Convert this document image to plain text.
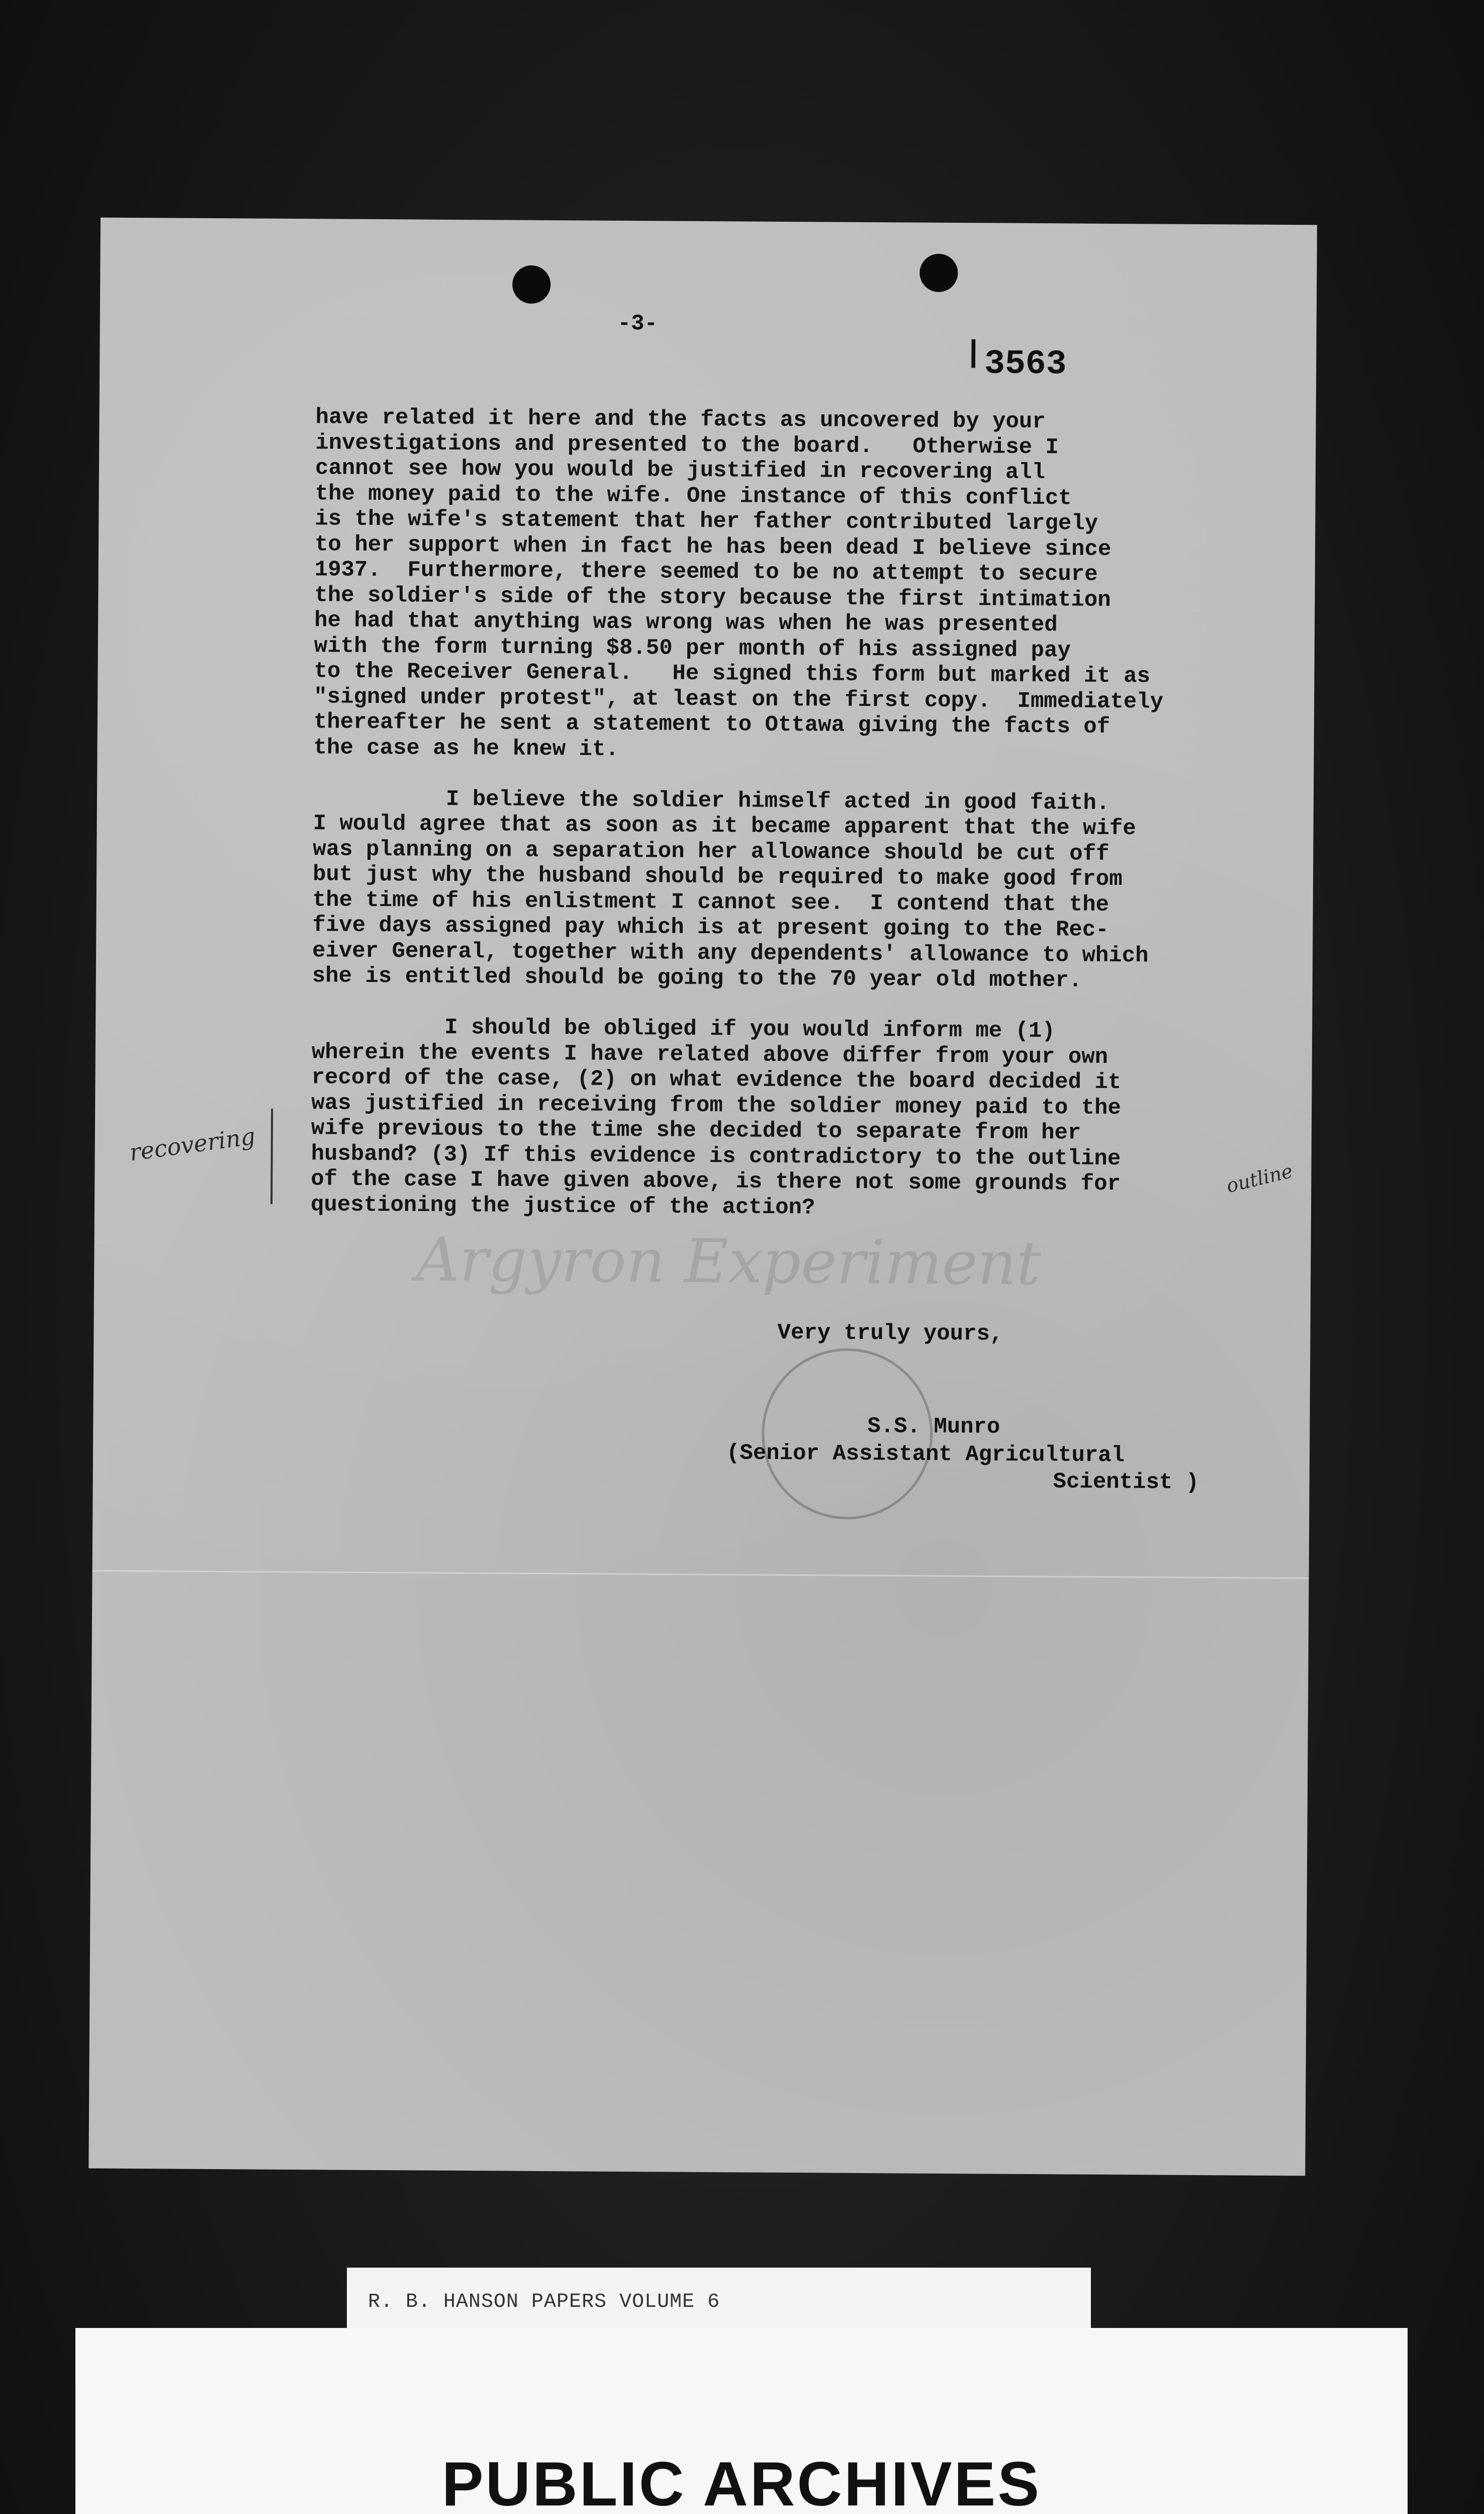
-3-
| 3563
Argyron Experiment
have related it here and the facts as uncovered by your
investigations and presented to the board.   Otherwise I
cannot see how you would be justified in recovering all
the money paid to the wife. One instance of this conflict
is the wife's statement that her father contributed largely
to her support when in fact he has been dead I believe since
1937.  Furthermore, there seemed to be no attempt to secure
the soldier's side of the story because the first intimation
he had that anything was wrong was when he was presented
with the form turning $8.50 per month of his assigned pay
to the Receiver General.   He signed this form but marked it as
"signed under protest", at least on the first copy.  Immediately
thereafter he sent a statement to Ottawa giving the facts of
the case as he knew it.
I believe the soldier himself acted in good faith.
I would agree that as soon as it became apparent that the wife
was planning on a separation her allowance should be cut off
but just why the husband should be required to make good from
the time of his enlistment I cannot see.  I contend that the
five days assigned pay which is at present going to the Rec-
eiver General, together with any dependents' allowance to which
she is entitled should be going to the 70 year old mother.
I should be obliged if you would inform me (1)
wherein the events I have related above differ from your own
record of the case, (2) on what evidence the board decided it
was justified in receiving from the soldier money paid to the
wife previous to the time she decided to separate from her
husband? (3) If this evidence is contradictory to the outline
of the case I have given above, is there not some grounds for
questioning the justice of the action?
recovering
outline
Very truly yours,
S.S. Munro
(Senior Assistant Agricultural
Scientist )
R. B. HANSON PAPERS VOLUME 6
PUBLIC ARCHIVES
